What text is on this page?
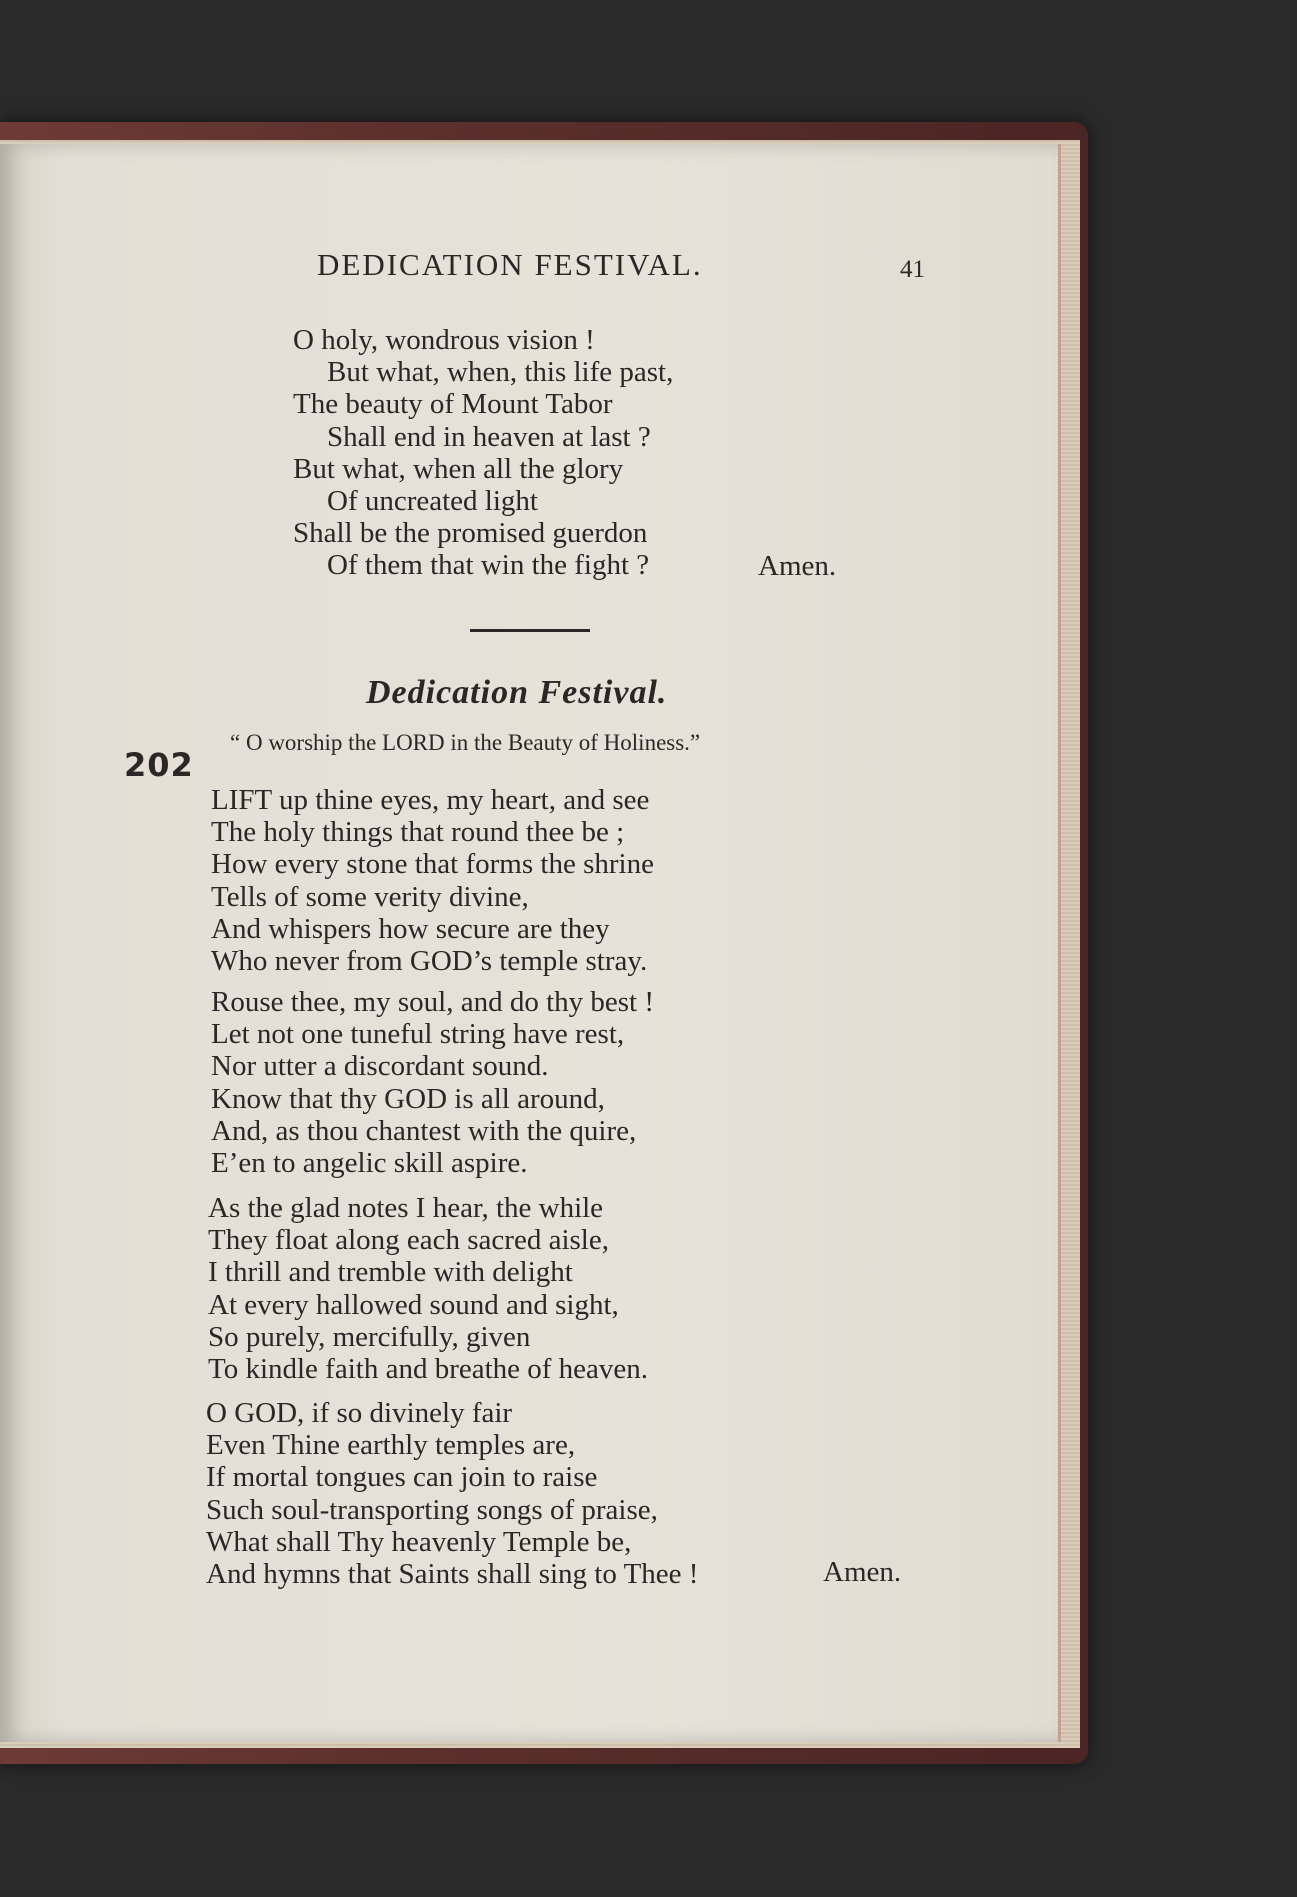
DEDICATION FESTIVAL.	41
O holy, wondrous vision !
But what, when, this life past,
The beauty of Mount Tabor
Shall end in heaven at last ?
But what, when all the glory
Of uncreated light
Shall be the promised guerdon
Of them that win the fight ?	Amen.
Dedication Festival.
“ O worship the LORD in the Beauty of Holiness.”
202
LIFT up thine eyes, my heart, and see
The holy things that round thee be ;
How every stone that forms the shrine
Tells of some verity divine,
And whispers how secure are they
Who never from GOD’s temple stray.
Rouse thee, my soul, and do thy best !
Let not one tuneful string have rest,
Nor utter a discordant sound.
Know that thy GOD is all around,
And, as thou chantest with the quire,
E’en to angelic skill aspire.
As the glad notes I hear, the while
They float along each sacred aisle,
I thrill and tremble with delight
At every hallowed sound and sight,
So purely, mercifully, given
To kindle faith and breathe of heaven.
O GOD, if so divinely fair
Even Thine earthly temples are,
If mortal tongues can join to raise
Such soul-transporting songs of praise,
What shall Thy heavenly Temple be,
And hymns that Saints shall sing to Thee !	Amen.
